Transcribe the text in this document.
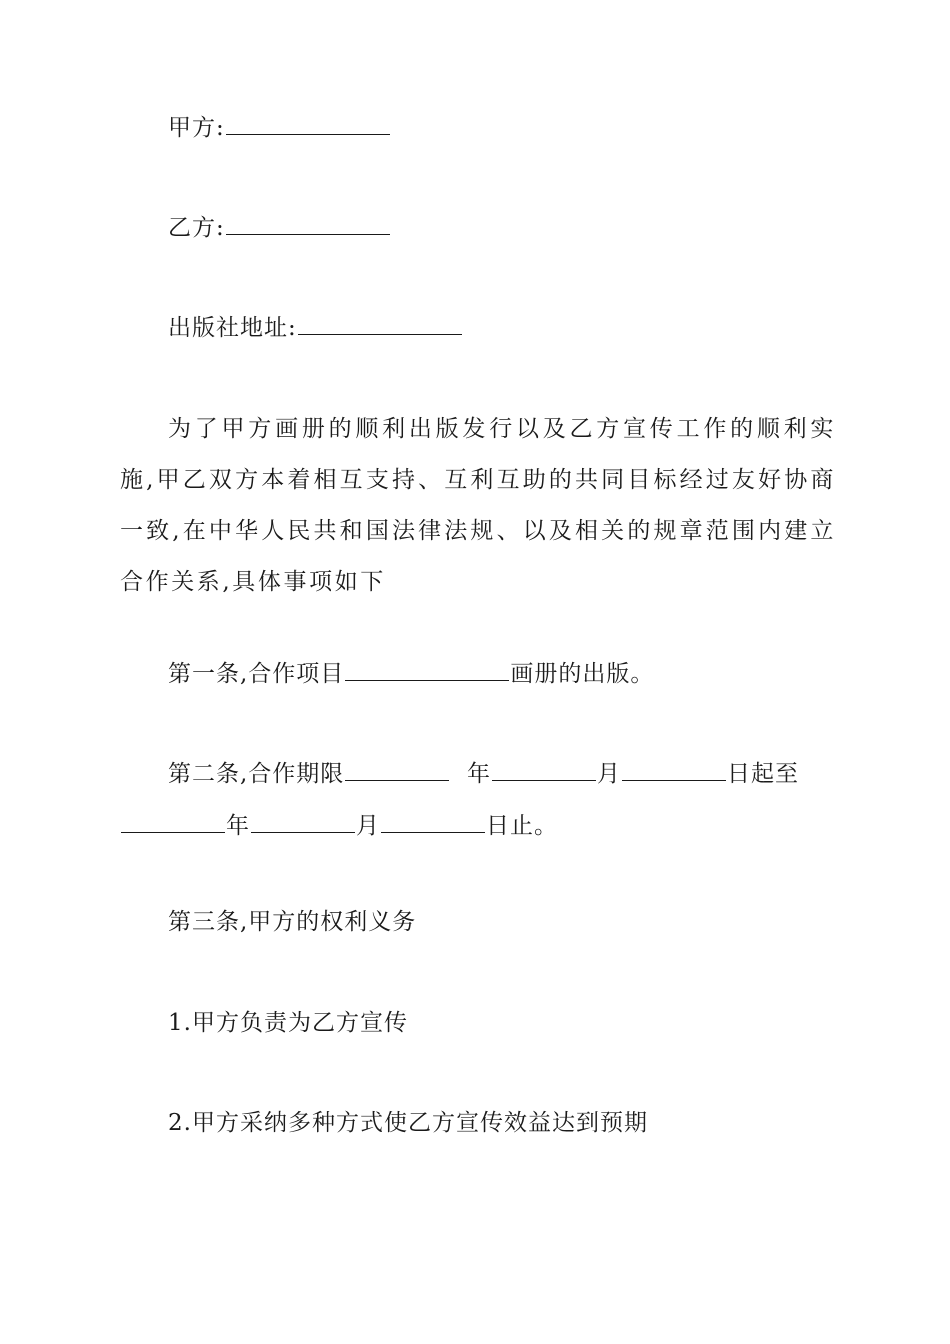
甲方:
乙方:
出版社地址:
为了甲方画册的顺利出版发行以及乙方宣传工作的顺利实施,甲乙双方本着相互支持、互利互助的共同目标经过友好协商一致,在中华人民共和国法律法规、以及相关的规章范围内建立合作关系,具体事项如下
第一条,合作项目	画册的出版。
第二条,合作期限	年	月	日起至
年	月	日止。
第三条,甲方的权利义务
1.甲方负责为乙方宣传
2.甲方采纳多种方式使乙方宣传效益达到预期
